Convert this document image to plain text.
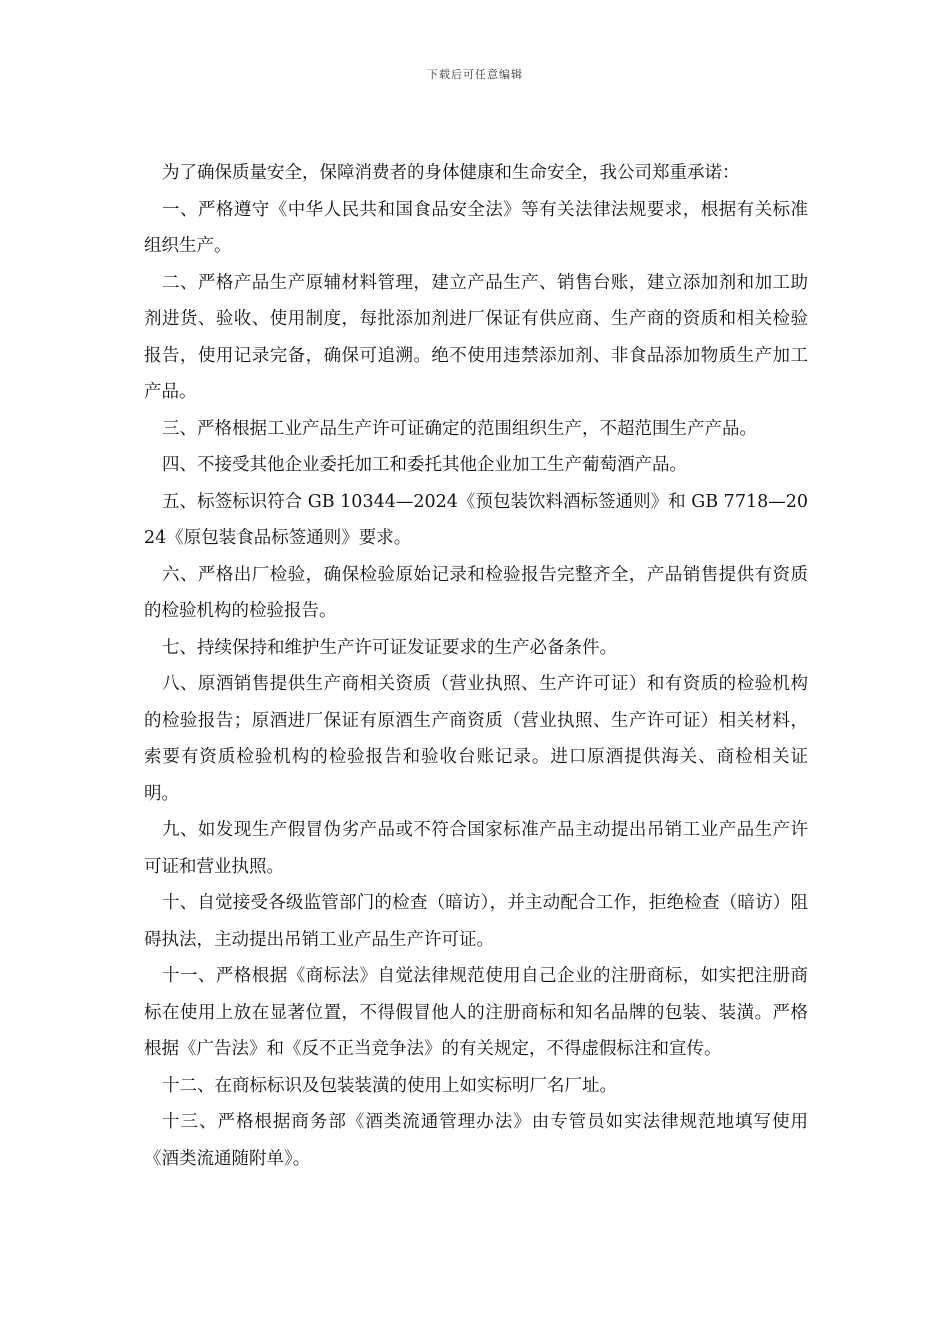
下载后可任意编辑

为了确保质量安全，保障消费者的身体健康和生命安全，我公司郑重承诺：

一、严格遵守《中华人民共和国食品安全法》等有关法律法规要求，根据有关标准组织生产。

二、严格产品生产原辅材料管理，建立产品生产、销售台账，建立添加剂和加工助剂进货、验收、使用制度，每批添加剂进厂保证有供应商、生产商的资质和相关检验报告，使用记录完备，确保可追溯。绝不使用违禁添加剂、非食品添加物质生产加工产品。

三、严格根据工业产品生产许可证确定的范围组织生产，不超范围生产产品。

四、不接受其他企业委托加工和委托其他企业加工生产葡萄酒产品。

五、标签标识符合 GB 10344—2024《预包装饮料酒标签通则》和 GB 7718—2024《原包装食品标签通则》要求。

六、严格出厂检验，确保检验原始记录和检验报告完整齐全，产品销售提供有资质的检验机构的检验报告。

七、持续保持和维护生产许可证发证要求的生产必备条件。

八、原酒销售提供生产商相关资质（营业执照、生产许可证）和有资质的检验机构的检验报告；原酒进厂保证有原酒生产商资质（营业执照、生产许可证）相关材料，索要有资质检验机构的检验报告和验收台账记录。进口原酒提供海关、商检相关证明。

九、如发现生产假冒伪劣产品或不符合国家标准产品主动提出吊销工业产品生产许可证和营业执照。

十、自觉接受各级监管部门的检查（暗访），并主动配合工作，拒绝检查（暗访）阻碍执法，主动提出吊销工业产品生产许可证。

十一、严格根据《商标法》自觉法律规范使用自己企业的注册商标，如实把注册商标在使用上放在显著位置，不得假冒他人的注册商标和知名品牌的包装、装潢。严格根据《广告法》和《反不正当竞争法》的有关规定，不得虚假标注和宣传。

十二、在商标标识及包装装潢的使用上如实标明厂名厂址。

十三、严格根据商务部《酒类流通管理办法》由专管员如实法律规范地填写使用《酒类流通随附单》。
